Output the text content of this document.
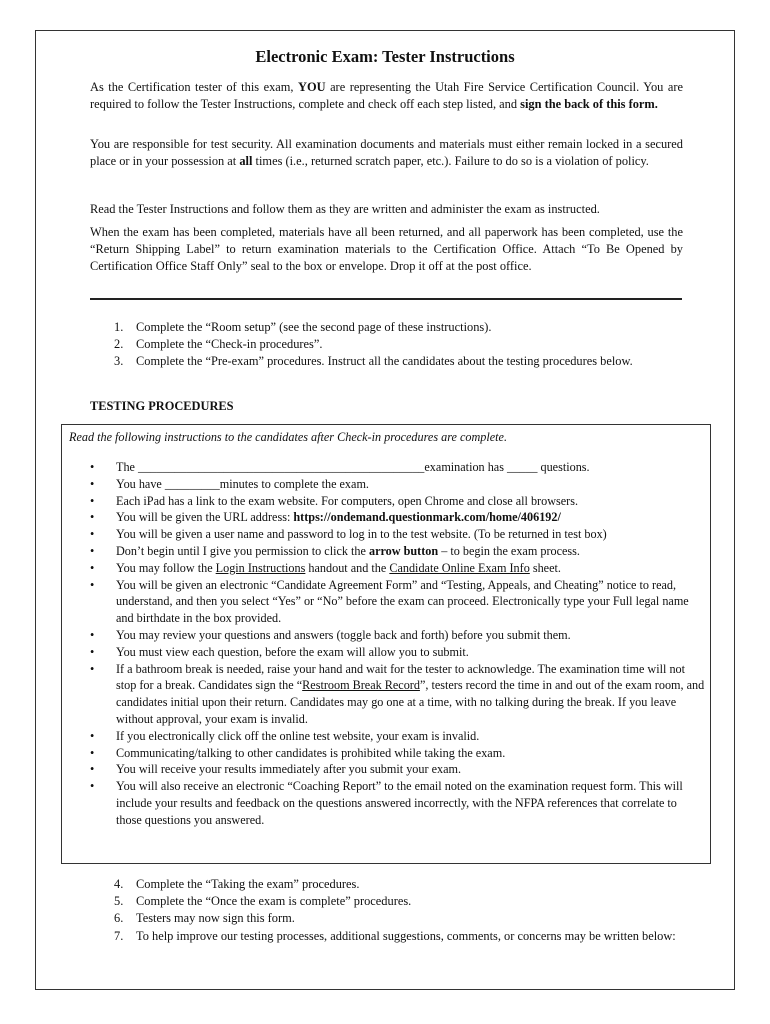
Electronic Exam: Tester Instructions

As the Certification tester of this exam, YOU are representing the Utah Fire Service Certification Council. You are required to follow the Tester Instructions, complete and check off each step listed, and sign the back of this form.

You are responsible for test security. All examination documents and materials must either remain locked in a secured place or in your possession at all times (i.e., returned scratch paper, etc.). Failure to do so is a violation of policy.

Read the Tester Instructions and follow them as they are written and administer the exam as instructed.

When the exam has been completed, materials have all been returned, and all paperwork has been completed, use the “Return Shipping Label” to return examination materials to the Certification Office. Attach “To Be Opened by Certification Office Staff Only” seal to the box or envelope. Drop it off at the post office.

1. Complete the “Room setup” (see the second page of these instructions).
2. Complete the “Check-in procedures”.
3. Complete the “Pre-exam” procedures. Instruct all the candidates about the testing procedures below.

TESTING PROCEDURES

Read the following instructions to the candidates after Check-in procedures are complete.

• The _______________________________________________examination has _____ questions.
• You have _________minutes to complete the exam.
• Each iPad has a link to the exam website. For computers, open Chrome and close all browsers.
• You will be given the URL address: https://ondemand.questionmark.com/home/406192/
• You will be given a user name and password to log in to the test website. (To be returned in test box)
• Don’t begin until I give you permission to click the arrow button – to begin the exam process.
• You may follow the Login Instructions handout and the Candidate Online Exam Info sheet.
• You will be given an electronic “Candidate Agreement Form” and “Testing, Appeals, and Cheating” notice to read, understand, and then you select “Yes” or “No” before the exam can proceed. Electronically type your Full legal name and birthdate in the box provided.
• You may review your questions and answers (toggle back and forth) before you submit them.
• You must view each question, before the exam will allow you to submit.
• If a bathroom break is needed, raise your hand and wait for the tester to acknowledge. The examination time will not stop for a break. Candidates sign the “Restroom Break Record”, testers record the time in and out of the exam room, and candidates initial upon their return. Candidates may go one at a time, with no talking during the break. If you leave without approval, your exam is invalid.
• If you electronically click off the online test website, your exam is invalid.
• Communicating/talking to other candidates is prohibited while taking the exam.
• You will receive your results immediately after you submit your exam.
• You will also receive an electronic “Coaching Report” to the email noted on the examination request form. This will include your results and feedback on the questions answered incorrectly, with the NFPA references that correlate to those questions you answered.
4. Complete the “Taking the exam” procedures.
5. Complete the “Once the exam is complete” procedures.
6. Testers may now sign this form.
7. To help improve our testing processes, additional suggestions, comments, or concerns may be written below:
